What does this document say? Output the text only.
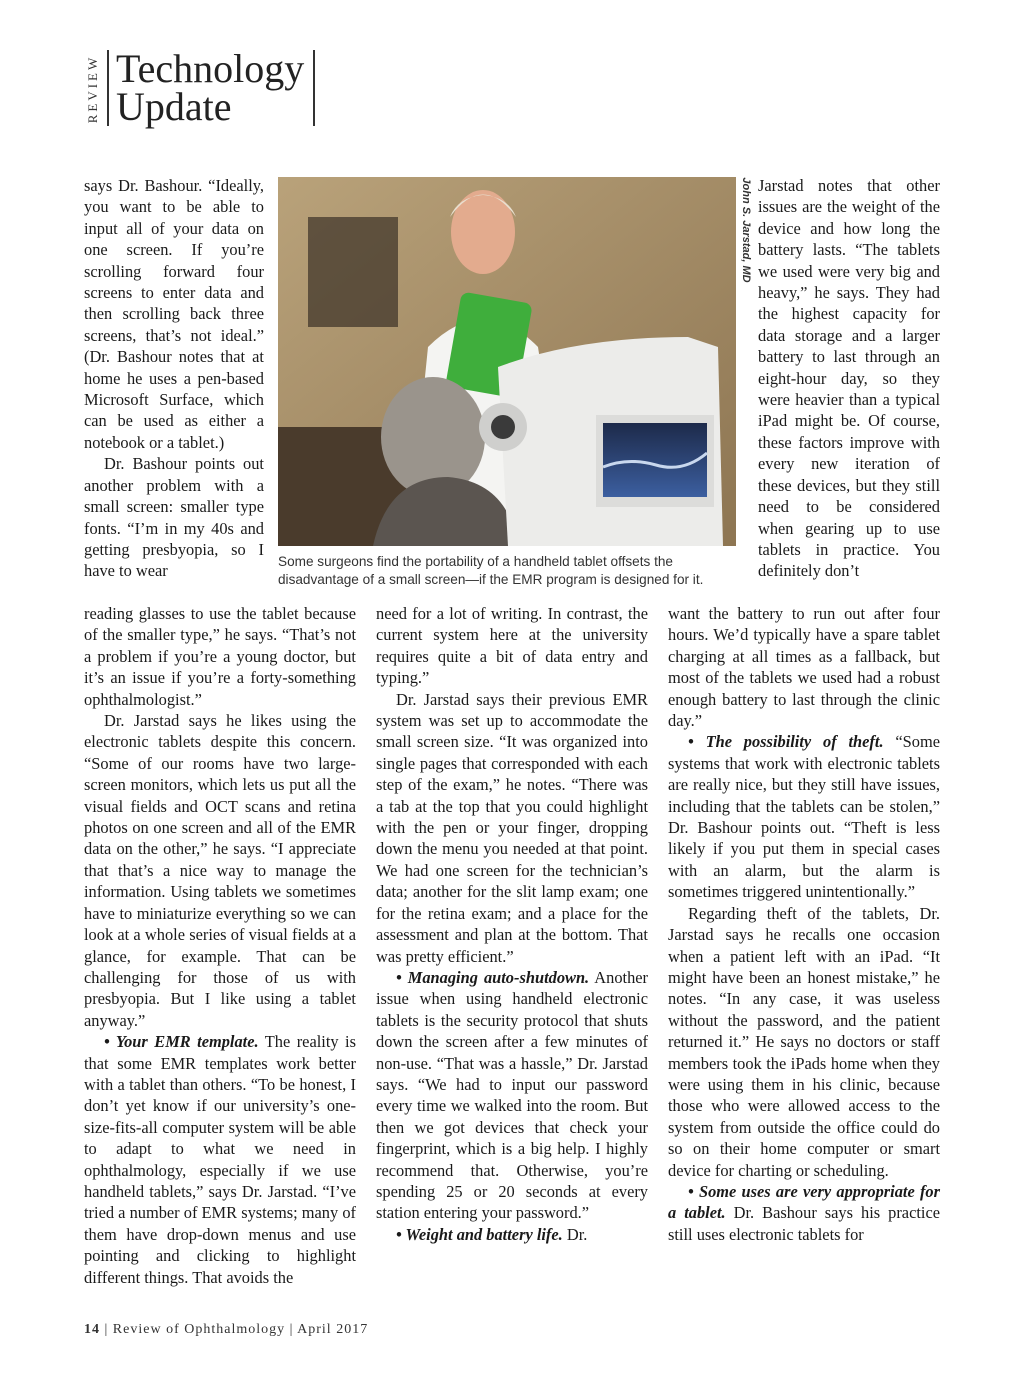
REVIEW Technology
Update

says Dr. Bashour. “Ideally, you want to be able to input all of your data on one screen. If you’re scrolling forward four screens to enter data and then scrolling back three screens, that’s not ideal.” (Dr. Bashour notes that at home he uses a pen-based Microsoft Surface, which can be used as either a notebook or a tablet.)

Dr. Bashour points out another problem with a small screen: smaller type fonts. “I’m in my 40s and getting presbyopia, so I have to wear	Some surgeons find the portability of a handheld tablet offsets the disadvantage of a small screen—if the EMR program is designed for it.
John S. Jarstad, MD Jarstad notes that other issues are the weight of the device and how long the battery lasts. “The tablets we used were very big and heavy,” he says. They had the highest capacity for data storage and a larger battery to last through an eight-hour day, so they were heavier than a typical iPad might be. Of course, these factors improve with every new iteration of these devices, but they still need to be considered when gearing up to use tablets in practice. You definitely don’t

reading glasses to use the tablet because of the smaller type,” he says. “That’s not a problem if you’re a young doctor, but it’s an issue if you’re a forty-something ophthalmologist.”

Dr. Jarstad says he likes using the electronic tablets despite this concern. “Some of our rooms have two large-screen monitors, which lets us put all the visual fields and OCT scans and retina photos on one screen and all of the EMR data on the other,” he says. “I appreciate that that’s a nice way to manage the information. Using tablets we sometimes have to miniaturize everything so we can look at a whole series of visual fields at a glance, for example. That can be challenging for those of us with presbyopia. But I like using a tablet anyway.”

• Your EMR template. The reality is that some EMR templates work better with a tablet than others. “To be honest, I don’t yet know if our university’s one-size-fits-all computer system will be able to adapt to what we need in ophthalmology, especially if we use handheld tablets,” says Dr. Jarstad. “I’ve tried a number of EMR systems; many of them have drop-down menus and use pointing and clicking to highlight different things. That avoids the

need for a lot of writing. In contrast, the current system here at the university requires quite a bit of data entry and typing.”

Dr. Jarstad says their previous EMR system was set up to accommodate the small screen size. “It was organized into single pages that corresponded with each step of the exam,” he notes. “There was a tab at the top that you could highlight with the pen or your finger, dropping down the menu you needed at that point. We had one screen for the technician’s data; another for the slit lamp exam; one for the retina exam; and a place for the assessment and plan at the bottom. That was pretty efficient.”

• Managing auto-shutdown. Another issue when using handheld electronic tablets is the security protocol that shuts down the screen after a few minutes of non-use. “That was a hassle,” Dr. Jarstad says. “We had to input our password every time we walked into the room. But then we got devices that check your fingerprint, which is a big help. I highly recommend that. Otherwise, you’re spending 25 or 20 seconds at every station entering your password.”

• Weight and battery life. Dr.

want the battery to run out after four hours. We’d typically have a spare tablet charging at all times as a fallback, but most of the tablets we used had a robust enough battery to last through the clinic day.”

• The possibility of theft. “Some systems that work with electronic tablets are really nice, but they still have issues, including that the tablets can be stolen,” Dr. Bashour points out. “Theft is less likely if you put them in special cases with an alarm, but the alarm is sometimes triggered unintentionally.”

Regarding theft of the tablets, Dr. Jarstad says he recalls one occasion when a patient left with an iPad. “It might have been an honest mistake,” he notes. “In any case, it was useless without the password, and the patient returned it.” He says no doctors or staff members took the iPads home when they were using them in his clinic, because those who were allowed access to the system from outside the office could do so on their home computer or smart device for charting or scheduling.

• Some uses are very appropriate for a tablet. Dr. Bashour says his practice still uses electronic tablets for

14 | Review of Ophthalmology | April 2017
